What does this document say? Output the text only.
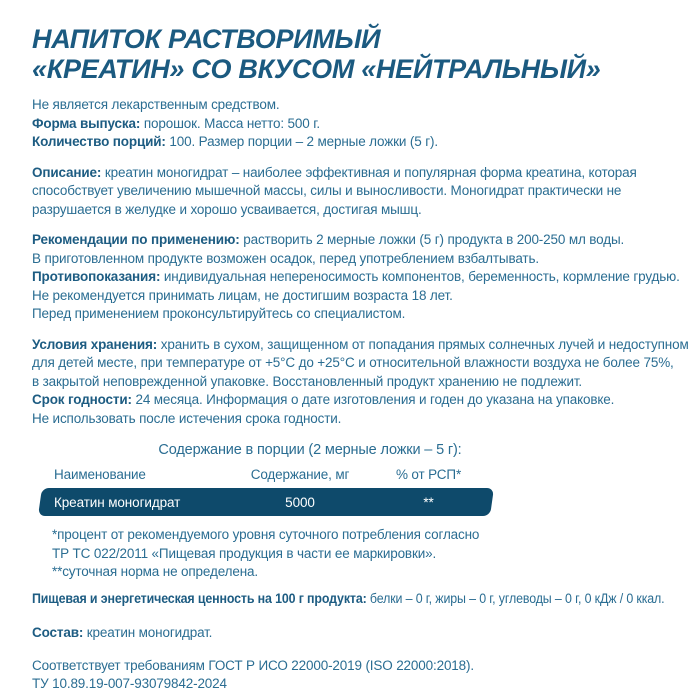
НАПИТОК РАСТВОРИМЫЙ
«КРЕАТИН» СО ВКУСОМ «НЕЙТРАЛЬНЫЙ»

Не является лекарственным средством.

Форма выпуска: порошок. Масса нетто: 500 г.

Количество порций: 100. Размер порции – 2 мерные ложки (5 г).

Описание: креатин моногидрат – наиболее эффективная и популярная форма креатина, которая

способствует увеличению мышечной массы, силы и выносливости. Моногидрат практически не

разрушается в желудке и хорошо усваивается, достигая мышц.

Рекомендации по применению: растворить 2 мерные ложки (5 г) продукта в 200-250 мл воды.

В приготовленном продукте возможен осадок, перед употреблением взбалтывать.

Противопоказания: индивидуальная непереносимость компонентов, беременность, кормление грудью.

Не рекомендуется принимать лицам, не достигшим возраста 18 лет.

Перед применением проконсультируйтесь со специалистом.

Условия хранения: хранить в сухом, защищенном от попадания прямых солнечных лучей и недоступном

для детей месте, при температуре от +5°С до +25°С и относительной влажности воздуха не более 75%,

в закрытой неповрежденной упаковке. Восстановленный продукт хранению не подлежит.

Срок годности: 24 месяца. Информация о дате изготовления и годен до указана на упаковке.

Не использовать после истечения срока годности.

Содержание в порции (2 мерные ложки – 5 г):
Наименование	Содержание, мг	% от РСП*
Креатин моногидрат	5000	**

*процент от рекомендуемого уровня суточного потребления согласно

ТР ТС 022/2011 «Пищевая продукция в части ее маркировки».

**суточная норма не определена.

Пищевая и энергетическая ценность на 100 г продукта: белки – 0 г, жиры – 0 г, углеводы – 0 г, 0 кДж / 0 ккал.

Состав: креатин моногидрат.

Соответствует требованиям ГОСТ Р ИСО 22000-2019 (ISO 22000:2018).

ТУ 10.89.19-007-93079842-2024
